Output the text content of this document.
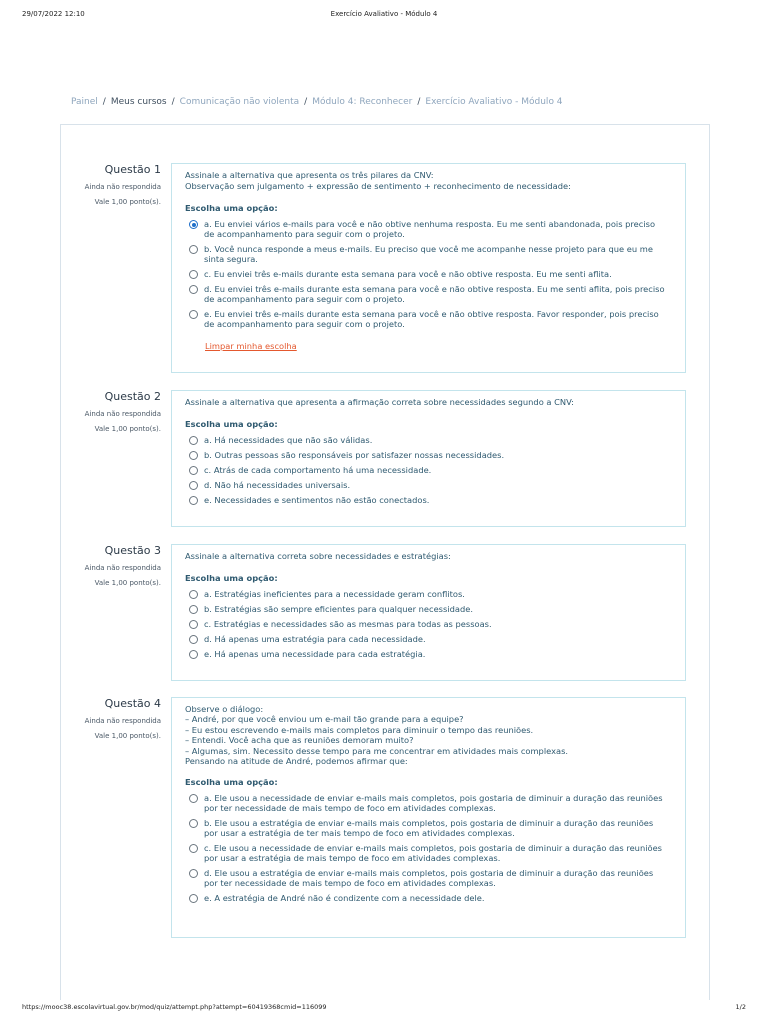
29/07/2022 12:10	Exercício Avaliativo - Módulo 4
Painel / Meus cursos / Comunicação não violenta / Módulo 4: Reconhecer / Exercício Avaliativo - Módulo 4
Questão 1
Ainda não respondida
Vale 1,00 ponto(s).

Assinale a alternativa que apresenta os três pilares da CNV:

Observação sem julgamento + expressão de sentimento + reconhecimento de necessidade:

Escolha uma opção:
a. Eu enviei vários e-mails para você e não obtive nenhuma resposta. Eu me senti abandonada, pois preciso de acompanhamento para seguir com o projeto.
b. Você nunca responde a meus e-mails. Eu preciso que você me acompanhe nesse projeto para que eu me sinta segura.
c. Eu enviei três e-mails durante esta semana para você e não obtive resposta. Eu me senti aflita.
d. Eu enviei três e-mails durante esta semana para você e não obtive resposta. Eu me senti aflita, pois preciso de acompanhamento para seguir com o projeto.
e. Eu enviei três e-mails durante esta semana para você e não obtive resposta. Favor responder, pois preciso de acompanhamento para seguir com o projeto.
Limpar minha escolha
Questão 2
Ainda não respondida
Vale 1,00 ponto(s).

Assinale a alternativa que apresenta a afirmação correta sobre necessidades segundo a CNV:

Escolha uma opção:
a. Há necessidades que não são válidas.
b. Outras pessoas são responsáveis por satisfazer nossas necessidades.
c. Atrás de cada comportamento há uma necessidade.
d. Não há necessidades universais.
e. Necessidades e sentimentos não estão conectados.
Questão 3
Ainda não respondida
Vale 1,00 ponto(s).

Assinale a alternativa correta sobre necessidades e estratégias:

Escolha uma opção:
a. Estratégias ineficientes para a necessidade geram conflitos.
b. Estratégias são sempre eficientes para qualquer necessidade.
c. Estratégias e necessidades são as mesmas para todas as pessoas.
d. Há apenas uma estratégia para cada necessidade.
e. Há apenas uma necessidade para cada estratégia.
Questão 4
Ainda não respondida
Vale 1,00 ponto(s).

Observe o diálogo:

– André, por que você enviou um e-mail tão grande para a equipe?

– Eu estou escrevendo e-mails mais completos para diminuir o tempo das reuniões.

– Entendi. Você acha que as reuniões demoram muito?

– Algumas, sim. Necessito desse tempo para me concentrar em atividades mais complexas.

Pensando na atitude de André, podemos afirmar que:

Escolha uma opção:
a. Ele usou a necessidade de enviar e-mails mais completos, pois gostaria de diminuir a duração das reuniões por ter necessidade de mais tempo de foco em atividades complexas.
b. Ele usou a estratégia de enviar e-mails mais completos, pois gostaria de diminuir a duração das reuniões por usar a estratégia de ter mais tempo de foco em atividades complexas.
c. Ele usou a necessidade de enviar e-mails mais completos, pois gostaria de diminuir a duração das reuniões por usar a estratégia de mais tempo de foco em atividades complexas.
d. Ele usou a estratégia de enviar e-mails mais completos, pois gostaria de diminuir a duração das reuniões por ter necessidade de mais tempo de foco em atividades complexas.
e. A estratégia de André não é condizente com a necessidade dele.
https://mooc38.escolavirtual.gov.br/mod/quiz/attempt.php?attempt=60419368cmid=116099	1/2
